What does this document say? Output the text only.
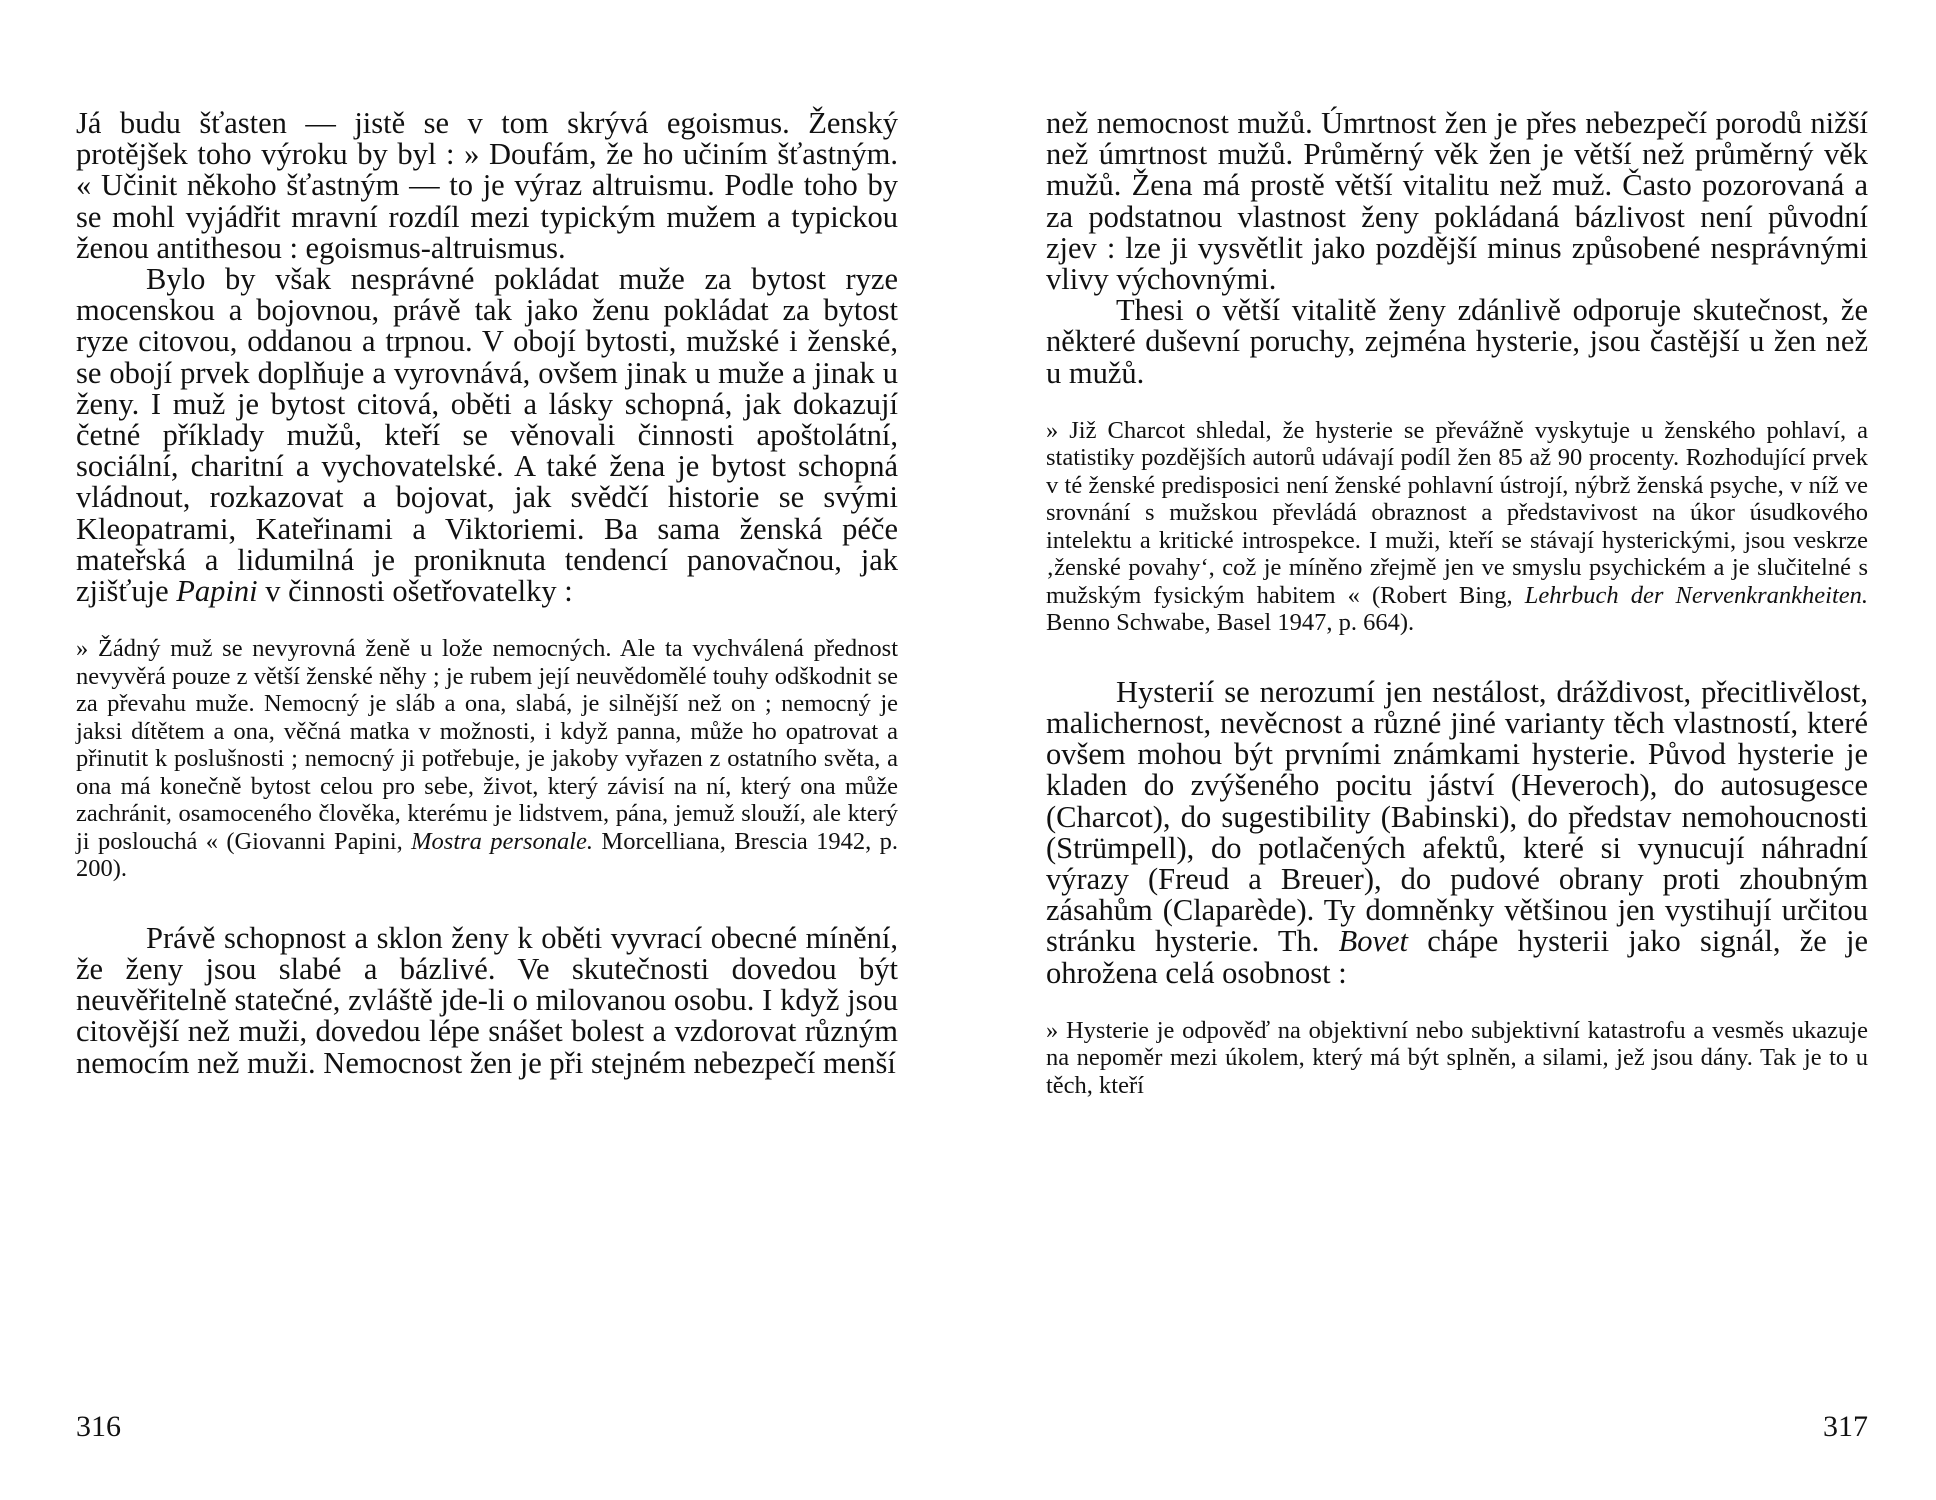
Já budu šťasten — jistě se v tom skrývá egoismus. Ženský protějšek toho výroku by byl : » Doufám, že ho učiním šťastným. « Učinit někoho šťastným — to je výraz altruismu. Podle toho by se mohl vyjádřit mravní rozdíl mezi typickým mužem a typickou ženou antithesou : egoismus-altruismus.

Bylo by však nesprávné pokládat muže za bytost ryze mocenskou a bojovnou, právě tak jako ženu pokládat za bytost ryze citovou, oddanou a trpnou. V obojí bytosti, mužské i ženské, se obojí prvek doplňuje a vyrovnává, ovšem jinak u muže a jinak u ženy. I muž je bytost citová, oběti a lásky schopná, jak dokazují četné příklady mužů, kteří se věnovali činnosti apoštolátní, sociální, charitní a vychovatelské. A také žena je bytost schopná vládnout, rozkazovat a bojovat, jak svědčí historie se svými Kleopatrami, Kateřinami a Viktoriemi. Ba sama ženská péče mateřská a lidumilná je proniknuta tendencí panovačnou, jak zjišťuje Papini v činnosti ošetřovatelky :

» Žádný muž se nevyrovná ženě u lože nemocných. Ale ta vychválená přednost nevyvěrá pouze z větší ženské něhy ; je rubem její neuvědomělé touhy odškodnit se za převahu muže. Nemocný je sláb a ona, slabá, je silnější než on ; nemocný je jaksi dítětem a ona, věčná matka v možnosti, i když panna, může ho opatrovat a přinutit k poslušnosti ; nemocný ji potřebuje, je jakoby vyřazen z ostatního světa, a ona má konečně bytost celou pro sebe, život, který závisí na ní, který ona může zachránit, osamoceného člověka, kterému je lidstvem, pána, jemuž slouží, ale který ji poslouchá « (Giovanni Papini, Mostra personale. Morcelliana, Brescia 1942, p. 200).

Právě schopnost a sklon ženy k oběti vyvrací obecné mínění, že ženy jsou slabé a bázlivé. Ve skutečnosti dovedou být neuvěřitelně statečné, zvláště jde-li o milovanou osobu. I když jsou citovější než muži, dovedou lépe snášet bolest a vzdorovat různým nemocím než muži. Nemocnost žen je při stejném nebezpečí menší

316

než nemocnost mužů. Úmrtnost žen je přes nebezpečí porodů nižší než úmrtnost mužů. Průměrný věk žen je větší než průměrný věk mužů. Žena má prostě větší vitalitu než muž. Často pozorovaná a za podstatnou vlastnost ženy pokládaná bázlivost není původní zjev : lze ji vysvětlit jako pozdější minus způsobené nesprávnými vlivy výchovnými.

Thesi o větší vitalitě ženy zdánlivě odporuje skutečnost, že některé duševní poruchy, zejména hysterie, jsou častější u žen než u mužů.

» Již Charcot shledal, že hysterie se převážně vyskytuje u ženského pohlaví, a statistiky pozdějších autorů udávají podíl žen 85 až 90 procenty. Rozhodující prvek v té ženské predisposici není ženské pohlavní ústrojí, nýbrž ženská psyche, v níž ve srovnání s mužskou převládá obraznost a představivost na úkor úsudkového intelektu a kritické introspekce. I muži, kteří se stávají hysterickými, jsou veskrze ‚ženské povahy‘, což je míněno zřejmě jen ve smyslu psychickém a je slučitelné s mužským fysickým habitem « (Robert Bing, Lehrbuch der Nervenkrankheiten. Benno Schwabe, Basel 1947, p. 664).

Hysterií se nerozumí jen nestálost, dráždivost, přecitlivělost, malichernost, nevěcnost a různé jiné varianty těch vlastností, které ovšem mohou být prvními známkami hysterie. Původ hysterie je kladen do zvýšeného pocitu jáství (Heveroch), do autosugesce (Charcot), do sugestibility (Babinski), do představ nemohoucnosti (Strümpell), do potlačených afektů, které si vynucují náhradní výrazy (Freud a Breuer), do pudové obrany proti zhoubným zásahům (Claparède). Ty domněnky většinou jen vystihují určitou stránku hysterie. Th. Bovet chápe hysterii jako signál, že je ohrožena celá osobnost :

» Hysterie je odpověď na objektivní nebo subjektivní katastrofu a vesměs ukazuje na nepoměr mezi úkolem, který má být splněn, a silami, jež jsou dány. Tak je to u těch, kteří

317
